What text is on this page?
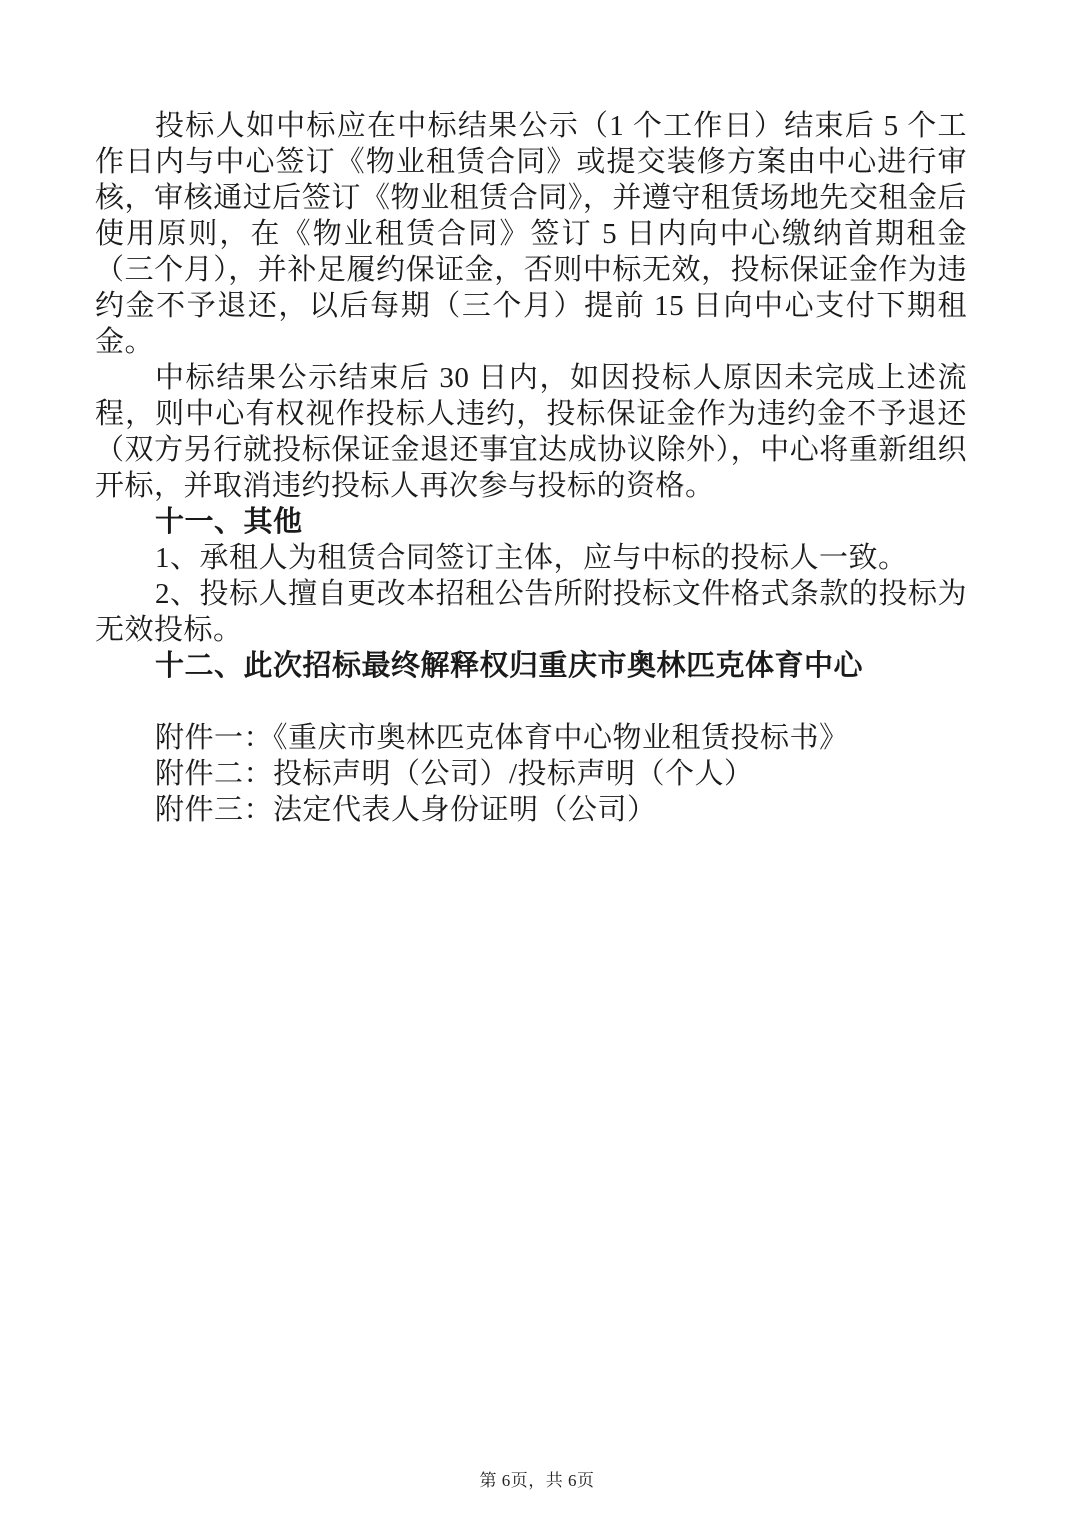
投标人如中标应在中标结果公示（1 个工作日）结束后 5 个工作日内与中心签订《物业租赁合同》或提交装修方案由中心进行审核，审核通过后签订《物业租赁合同》，并遵守租赁场地先交租金后使用原则，在《物业租赁合同》签订 5 日内向中心缴纳首期租金（三个月），并补足履约保证金，否则中标无效，投标保证金作为违约金不予退还，以后每期（三个月）提前 15 日向中心支付下期租金。

中标结果公示结束后 30 日内，如因投标人原因未完成上述流程，则中心有权视作投标人违约，投标保证金作为违约金不予退还（双方另行就投标保证金退还事宜达成协议除外），中心将重新组织开标，并取消违约投标人再次参与投标的资格。

十一、其他

1、承租人为租赁合同签订主体，应与中标的投标人一致。

2、投标人擅自更改本招租公告所附投标文件格式条款的投标为无效投标。

十二、此次招标最终解释权归重庆市奥林匹克体育中心

附件一：《重庆市奥林匹克体育中心物业租赁投标书》

附件二：投标声明（公司）/投标声明（个人）

附件三：法定代表人身份证明（公司）

第 6页，共 6页
